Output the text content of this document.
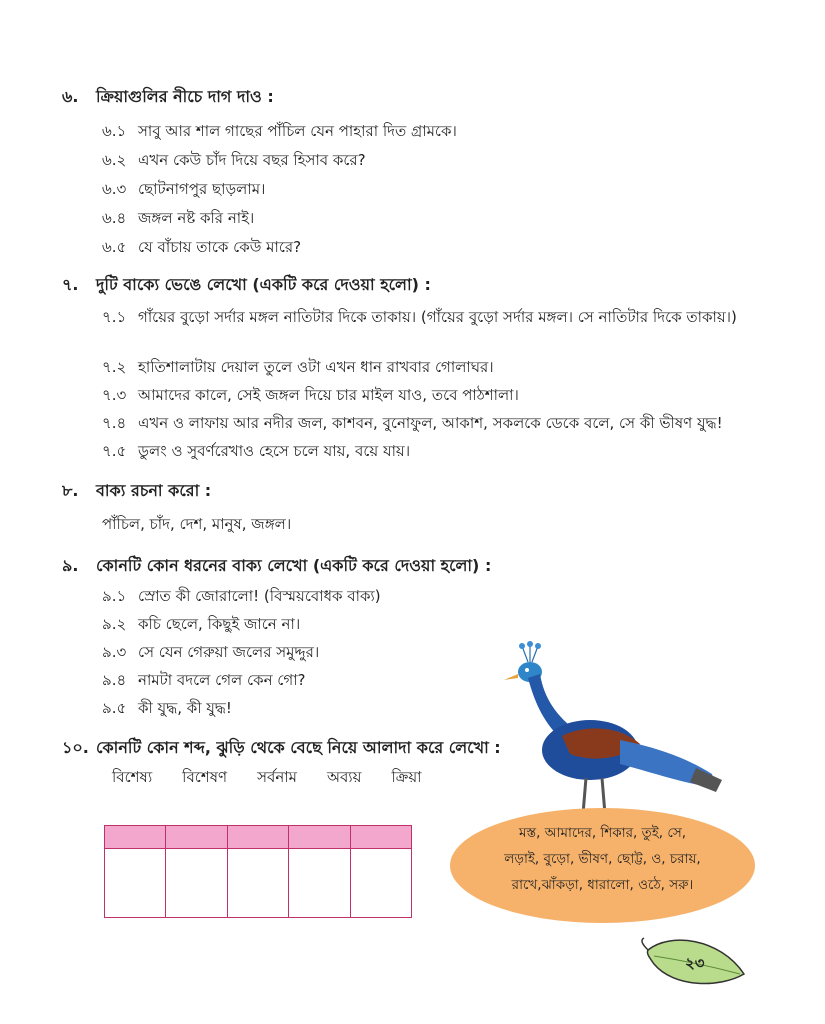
৬. ক্রিয়াগুলির নীচে দাগ দাও :
৬.১ সাবু আর শাল গাছের পাঁচিল যেন পাহারা দিত গ্রামকে।
৬.২ এখন কেউ চাঁদ দিয়ে বছর হিসাব করে?
৬.৩ ছোটনাগপুর ছাড়লাম।
৬.৪ জঙ্গল নষ্ট করি নাই।
৬.৫ যে বাঁচায় তাকে কেউ মারে?
৭. দুটি বাক্যে ভেঙে লেখো (একটি করে দেওয়া হলো) :
৭.১ গাঁয়ের বুড়ো সর্দার মঙ্গল নাতিটার দিকে তাকায়। (গাঁয়ের বুড়ো সর্দার মঙ্গল। সে নাতিটার দিকে তাকায়।)
৭.২ হাতিশালাটায় দেয়াল তুলে ওটা এখন ধান রাখবার গোলাঘর।
৭.৩ আমাদের কালে, সেই জঙ্গল দিয়ে চার মাইল যাও, তবে পাঠশালা।
৭.৪ এখন ও লাফায় আর নদীর জল, কাশবন, বুনোফুল, আকাশ, সকলকে ডেকে বলে, সে কী ভীষণ যুদ্ধ!
৭.৫ ডুলং ও সুবর্ণরেখাও হেসে চলে যায়, বয়ে যায়।
৮. বাক্য রচনা করো :
পাঁচিল, চাঁদ, দেশ, মানুষ, জঙ্গল।
৯. কোনটি কোন ধরনের বাক্য লেখো (একটি করে দেওয়া হলো) :
৯.১ স্রোত কী জোরালো! (বিস্ময়বোধক বাক্য)
৯.২ কচি ছেলে, কিছুই জানে না।
৯.৩ সে যেন গেরুয়া জলের সমুদ্দুর।
৯.৪ নামটা বদলে গেল কেন গো?
৯.৫ কী যুদ্ধ, কী যুদ্ধ!
১০. কোনটি কোন শব্দ, ঝুড়ি থেকে বেছে নিয়ে আলাদা করে লেখো :
বিশেষ্য বিশেষণ সর্বনাম অব্যয় ক্রিয়া

মস্ত, আমাদের, শিকার, তুই, সে,
লড়াই, বুড়ো, ভীষণ, ছোট্ট, ও, চরায়,
রাখে,ঝাঁকড়া, ধারালো, ওঠে, সরু।
২৩
